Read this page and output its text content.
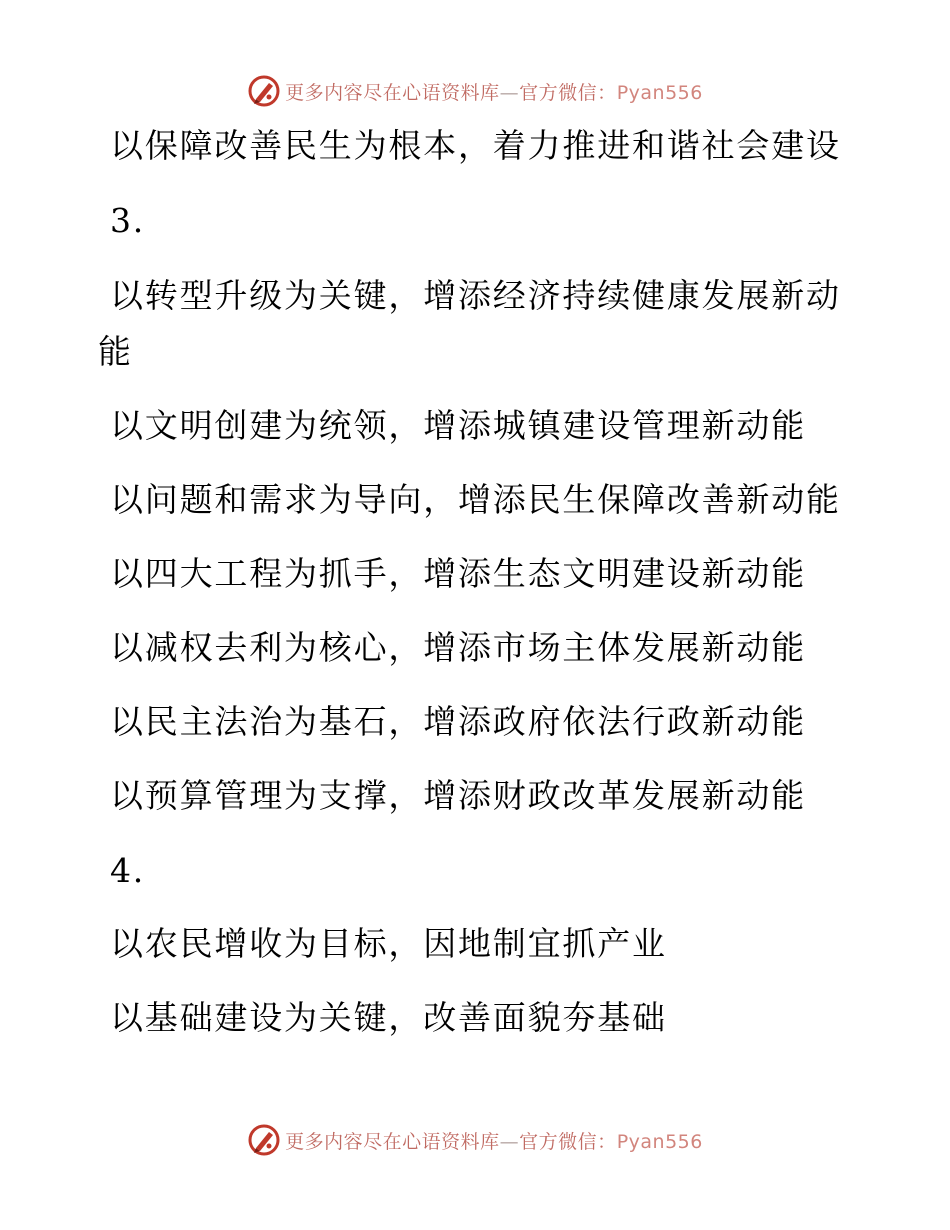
更多内容尽在心语资料库—官方微信：Pyan556
以保障改善民生为根本，着力推进和谐社会建设
3.
以转型升级为关键，增添经济持续健康发展新动
能
以文明创建为统领，增添城镇建设管理新动能
以问题和需求为导向，增添民生保障改善新动能
以四大工程为抓手，增添生态文明建设新动能
以减权去利为核心，增添市场主体发展新动能
以民主法治为基石，增添政府依法行政新动能
以预算管理为支撑，增添财政改革发展新动能
4.
以农民增收为目标，因地制宜抓产业
以基础建设为关键，改善面貌夯基础
更多内容尽在心语资料库—官方微信：Pyan556
